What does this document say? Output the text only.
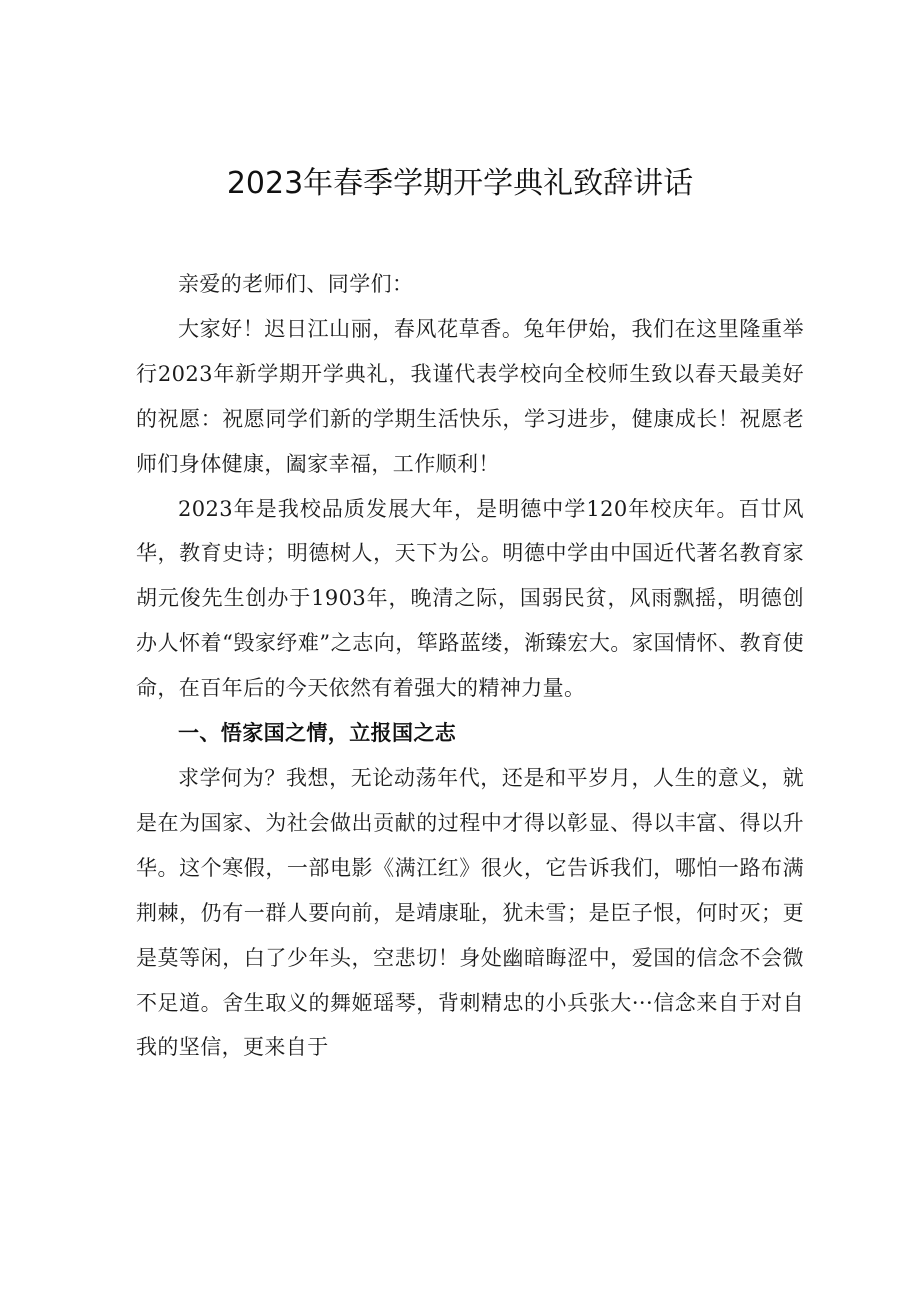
2023年春季学期开学典礼致辞讲话

亲爱的老师们、同学们：

大家好！迟日江山丽，春风花草香。兔年伊始，我们在这里隆重举行2023年新学期开学典礼，我谨代表学校向全校师生致以春天最美好的祝愿：祝愿同学们新的学期生活快乐，学习进步，健康成长！祝愿老师们身体健康，阖家幸福，工作顺利！

2023年是我校品质发展大年，是明德中学120年校庆年。百廿风华，教育史诗；明德树人，天下为公。明德中学由中国近代著名教育家胡元俊先生创办于1903年，晚清之际，国弱民贫，风雨飘摇，明德创办人怀着“毁家纾难”之志向，筚路蓝缕，渐臻宏大。家国情怀、教育使命，在百年后的今天依然有着强大的精神力量。

一、悟家国之情，立报国之志

求学何为？我想，无论动荡年代，还是和平岁月，人生的意义，就是在为国家、为社会做出贡献的过程中才得以彰显、得以丰富、得以升华。这个寒假，一部电影《满江红》很火，它告诉我们，哪怕一路布满荆棘，仍有一群人要向前，是靖康耻，犹未雪；是臣子恨，何时灭；更是莫等闲，白了少年头，空悲切！身处幽暗晦涩中，爱国的信念不会微不足道。舍生取义的舞姬瑶琴，背刺精忠的小兵张大···信念来自于对自我的坚信，更来自于
